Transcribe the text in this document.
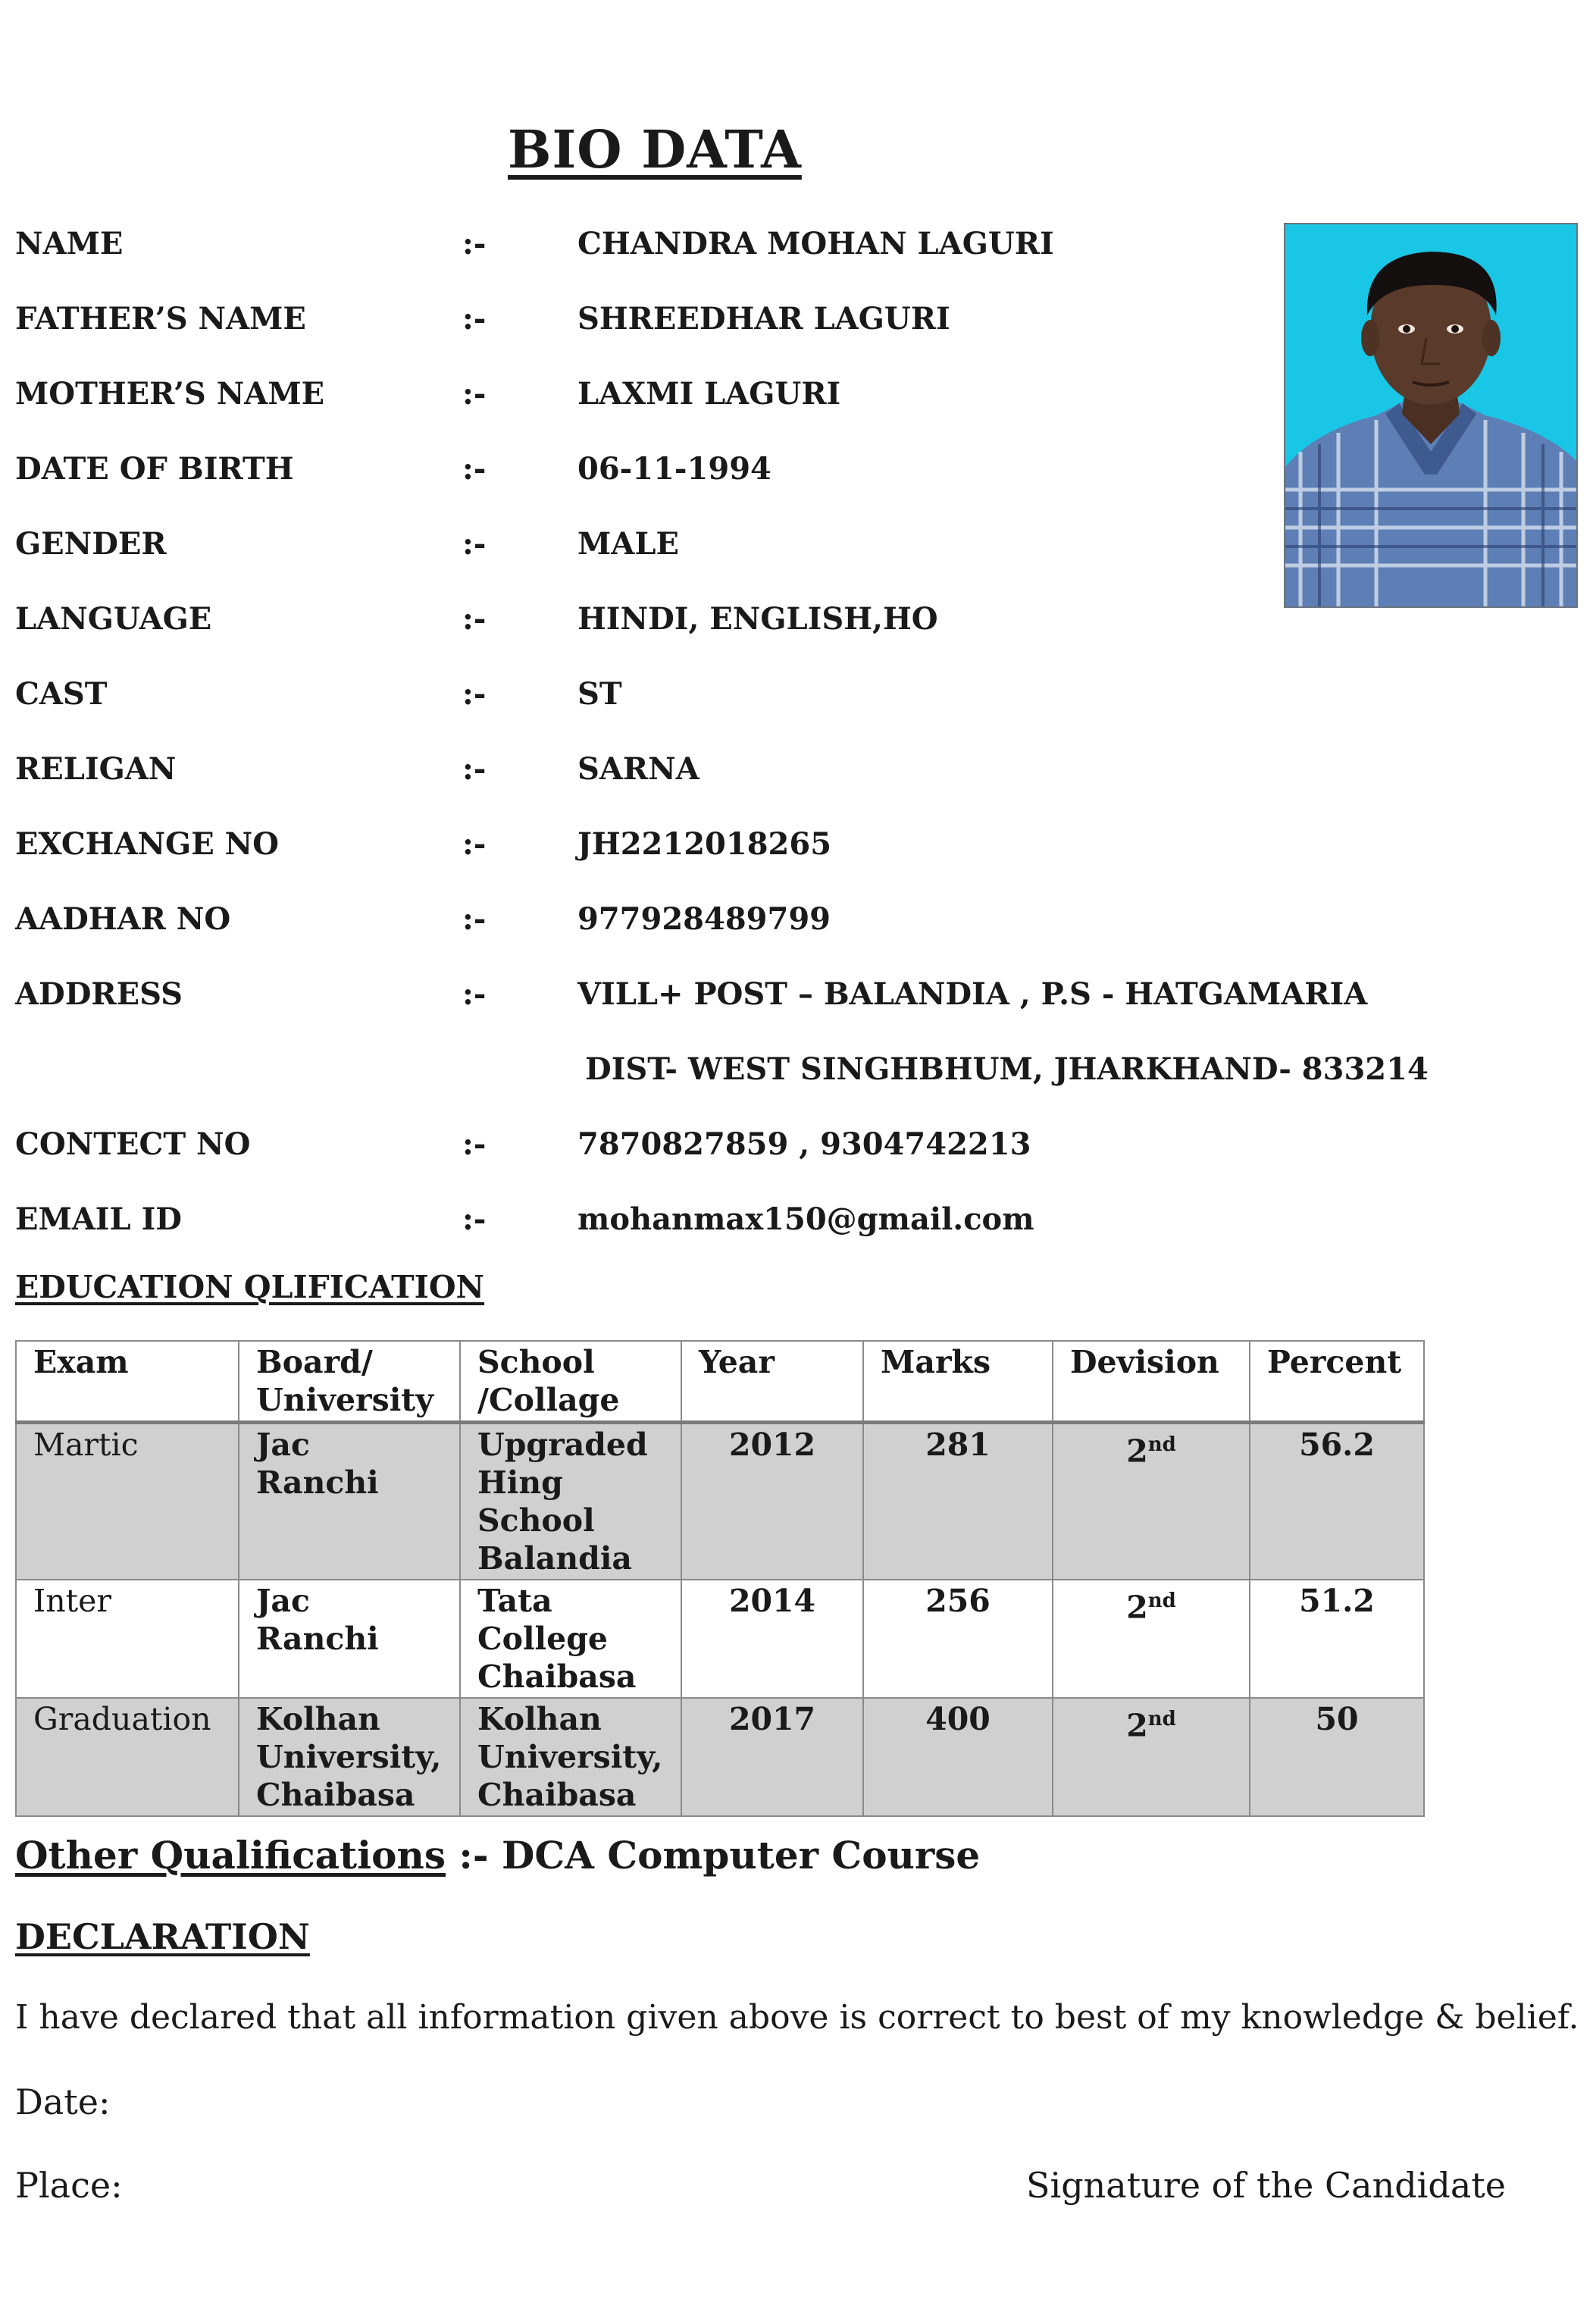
BIO DATA
NAME	:-	CHANDRA MOHAN LAGURI
FATHER’S NAME	:-	SHREEDHAR LAGURI
MOTHER’S NAME	:-	LAXMI LAGURI
DATE OF BIRTH	:-	06-11-1994
GENDER	:-	MALE
LANGUAGE	:-	HINDI, ENGLISH,HO
CAST	:-	ST
RELIGAN	:-	SARNA
EXCHANGE NO	:-	JH2212018265
AADHAR NO	:-	977928489799
ADDRESS	:-	VILL+ POST – BALANDIA , P.S - HATGAMARIA
DIST- WEST SINGHBHUM, JHARKHAND- 833214
CONTECT NO	:-	7870827859 , 9304742213
EMAIL ID	:-	mohanmax150@gmail.com
EDUCATION QLIFICATION
Exam	Board/ University	School /Collage	Year	Marks	Devision	Percent
Martic	Jac Ranchi	Upgraded Hing School Balandia	2012	281	2nd	56.2
Inter	Jac Ranchi	Tata College Chaibasa	2014	256	2nd	51.2
Graduation	Kolhan University, Chaibasa	Kolhan University, Chaibasa	2017	400	2nd	50
Other Qualifications :- DCA Computer Course
DECLARATION
I have declared that all information given above is correct to best of my knowledge & belief.
Date:
Place:	Signature of the Candidate
